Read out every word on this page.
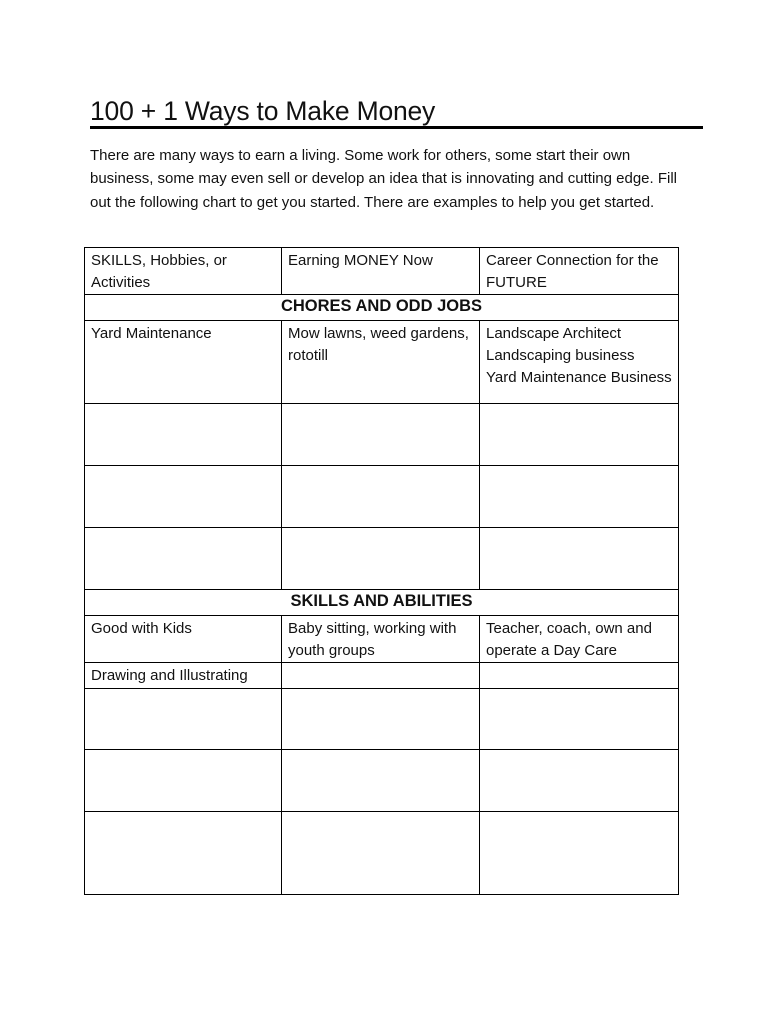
100 + 1 Ways to Make Money

There are many ways to earn a living. Some work for others, some start their own business, some may even sell or develop an idea that is innovating and cutting edge. Fill out the following chart to get you started. There are examples to help you get started.

SKILLS, Hobbies, or Activities	Earning MONEY Now	Career Connection for the FUTURE
CHORES AND ODD JOBS		
Yard Maintenance	Mow lawns, weed gardens, rototill	Landscape Architect
Landscaping business
Yard Maintenance Business

SKILLS AND ABILITIES		
Good with Kids	Baby sitting, working with youth groups	Teacher, coach, own and operate a Day Care
Drawing and Illustrating		
